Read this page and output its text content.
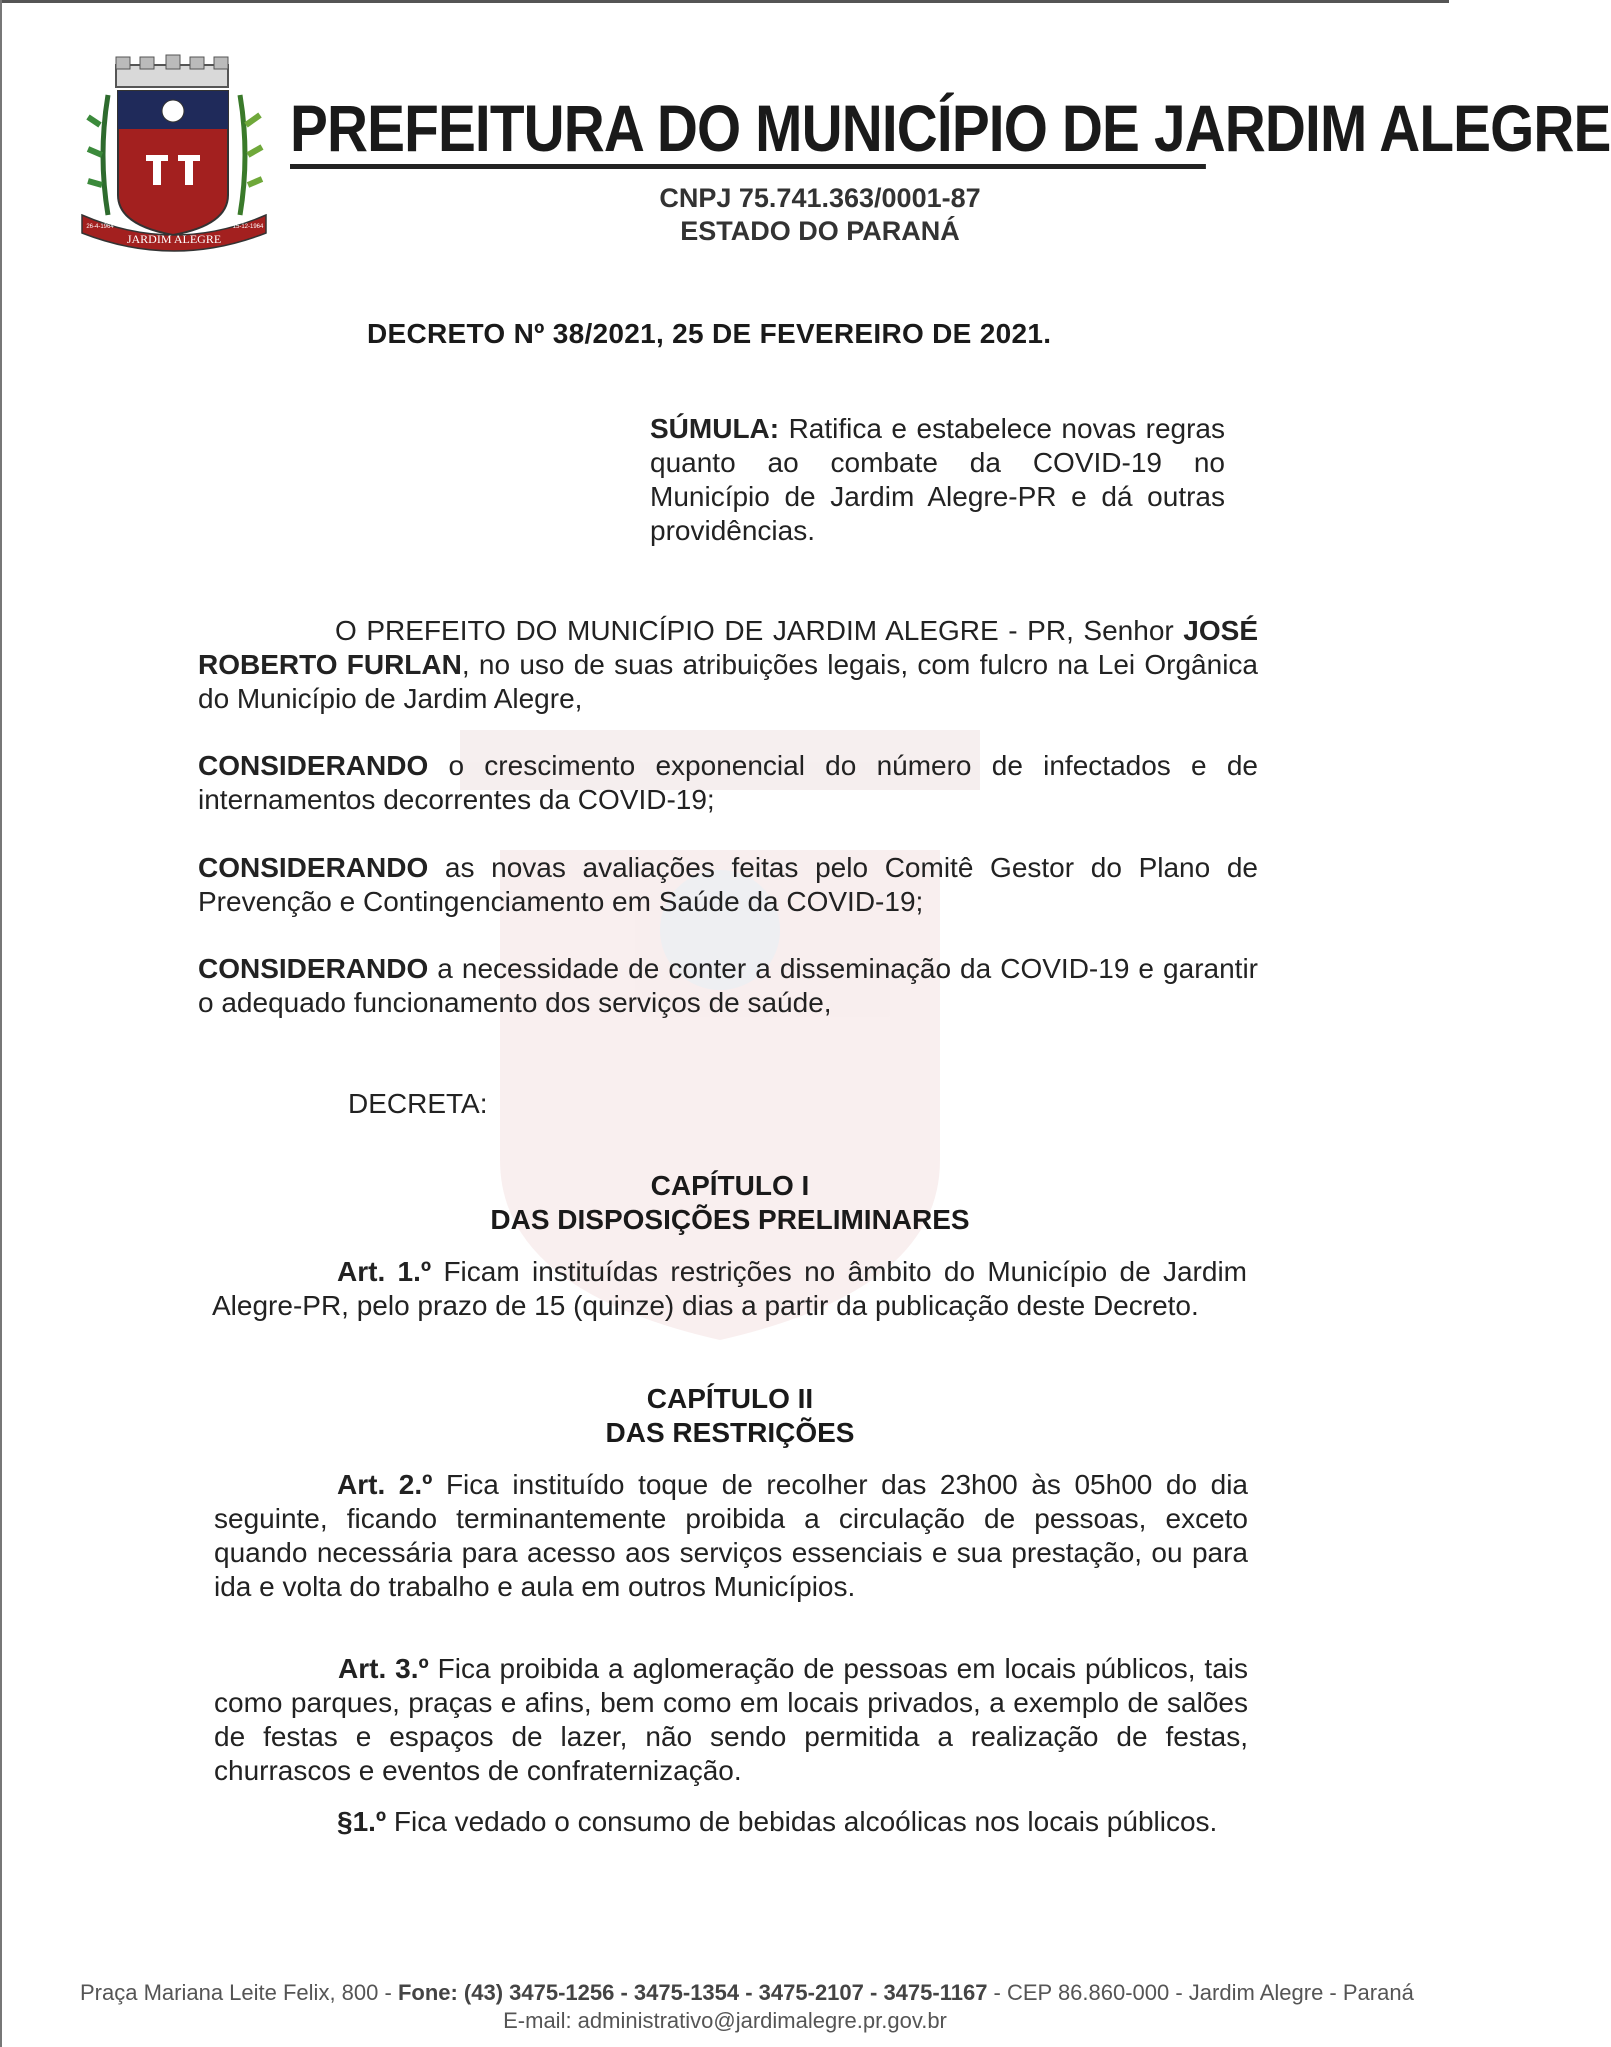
JARDIM ALEGRE
26-4-1964	15-12-1964
PREFEITURA DO MUNICÍPIO DE JARDIM ALEGRE
CNPJ 75.741.363/0001-87
ESTADO DO PARANÁ
DECRETO Nº 38/2021, 25 DE FEVEREIRO DE 2021.
SÚMULA: Ratifica e estabelece novas regras quanto ao combate da COVID-19 no Município de Jardim Alegre-PR e dá outras providências.
O PREFEITO DO MUNICÍPIO DE JARDIM ALEGRE - PR, Senhor JOSÉ ROBERTO FURLAN, no uso de suas atribuições legais, com fulcro na Lei Orgânica do Município de Jardim Alegre,
CONSIDERANDO o crescimento exponencial do número de infectados e de internamentos decorrentes da COVID-19;
CONSIDERANDO as novas avaliações feitas pelo Comitê Gestor do Plano de Prevenção e Contingenciamento em Saúde da COVID-19;
CONSIDERANDO a necessidade de conter a disseminação da COVID-19 e garantir o adequado funcionamento dos serviços de saúde,
DECRETA:
CAPÍTULO I
DAS DISPOSIÇÕES PRELIMINARES
Art. 1.º Ficam instituídas restrições no âmbito do Município de Jardim Alegre-PR, pelo prazo de 15 (quinze) dias a partir da publicação deste Decreto.
CAPÍTULO II
DAS RESTRIÇÕES
Art. 2.º Fica instituído toque de recolher das 23h00 às 05h00 do dia seguinte, ficando terminantemente proibida a circulação de pessoas, exceto quando necessária para acesso aos serviços essenciais e sua prestação, ou para ida e volta do trabalho e aula em outros Municípios.
Art. 3.º Fica proibida a aglomeração de pessoas em locais públicos, tais como parques, praças e afins, bem como em locais privados, a exemplo de salões de festas e espaços de lazer, não sendo permitida a realização de festas, churrascos e eventos de confraternização.
§1.º Fica vedado o consumo de bebidas alcoólicas nos locais públicos.
Praça Mariana Leite Felix, 800 - Fone: (43) 3475-1256 - 3475-1354 - 3475-2107 - 3475-1167 - CEP 86.860-000 - Jardim Alegre - Paraná
E-mail: administrativo@jardimalegre.pr.gov.br
